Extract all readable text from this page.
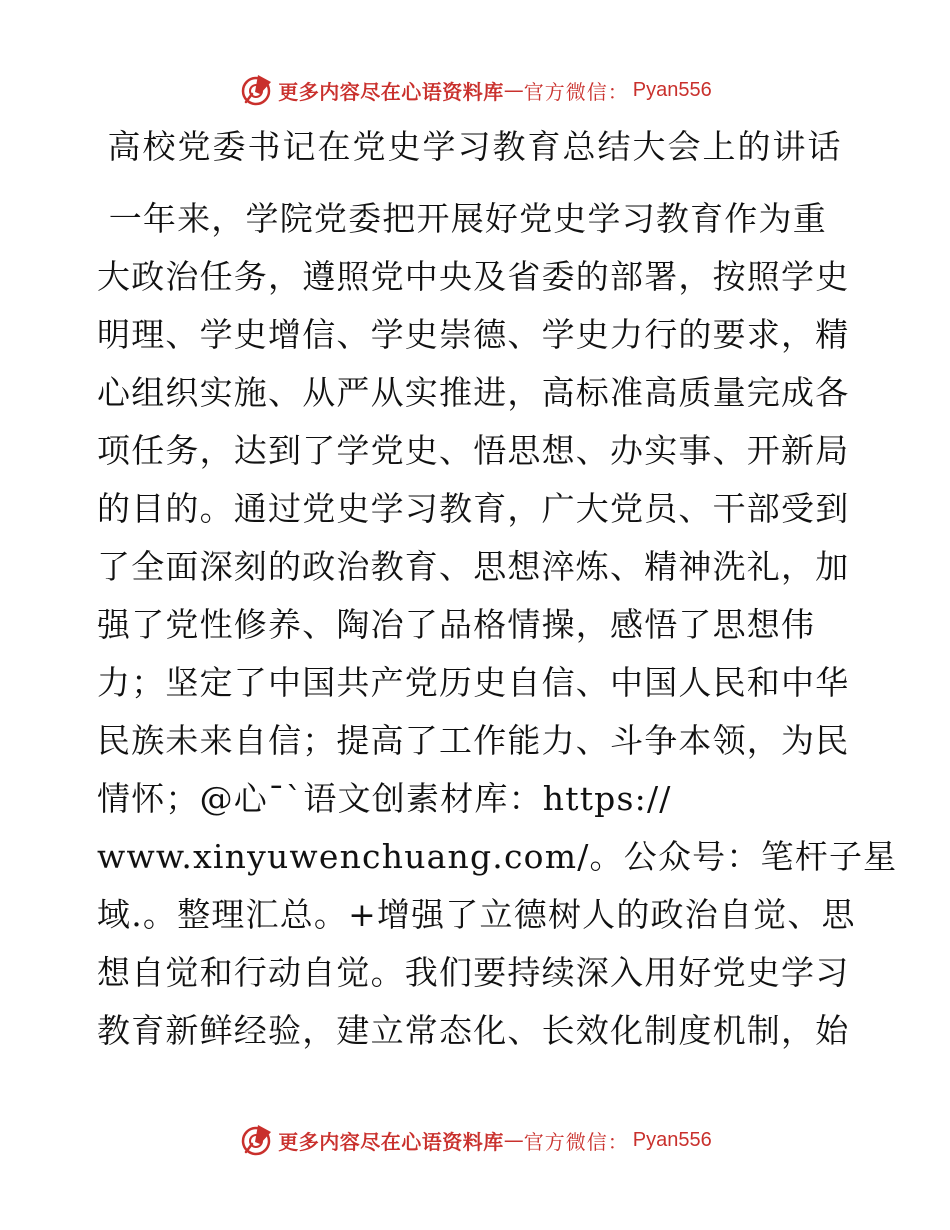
更多内容尽在心语资料库 — 官方微信： Pyan556
高校党委书记在党史学习教育总结大会上的讲话
一年来，学院党委把开展好党史学习教育作为重
大政治任务，遵照党中央及省委的部署，按照学史
明理、学史增信、学史崇德、学史力行的要求，精
心组织实施、从严从实推进，高标准高质量完成各
项任务，达到了学党史、悟思想、办实事、开新局
的目的。通过党史学习教育，广大党员、干部受到
了全面深刻的政治教育、思想淬炼、精神洗礼，加
强了党性修养、陶冶了品格情操，感悟了思想伟
力；坚定了中国共产党历史自信、中国人民和中华
民族未来自信；提高了工作能力、斗争本领，为民
情怀；@心¯`语文创素材库：https://
www.xinyuwenchuang.com/。公众号：笔杆子星
域.。整理汇总。+增强了立德树人的政治自觉、思
想自觉和行动自觉。我们要持续深入用好党史学习
教育新鲜经验，建立常态化、长效化制度机制，始
更多内容尽在心语资料库 — 官方微信： Pyan556
